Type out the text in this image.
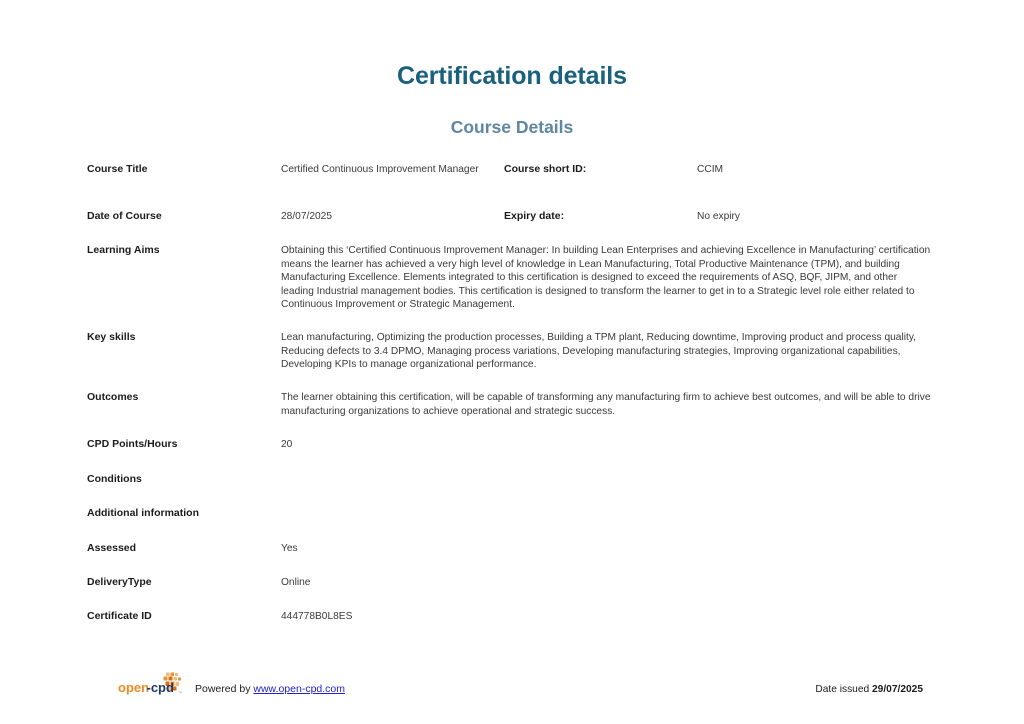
Certification details
Course Details
Course Title	Certified Continuous Improvement Manager	Course short ID:	CCIM
Date of Course	28/07/2025	Expiry date:	No expiry
Learning Aims	Obtaining this ‘Certified Continuous Improvement Manager: In building Lean Enterprises and achieving Excellence in Manufacturing’ certification means the learner has achieved a very high level of knowledge in Lean Manufacturing, Total Productive Maintenance (TPM), and building Manufacturing Excellence. Elements integrated to this certification is designed to exceed the requirements of ASQ, BQF, JIPM, and other leading Industrial management bodies. This certification is designed to transform the learner to get in to a Strategic level role either related to Continuous Improvement or Strategic Management.
Key skills	Lean manufacturing, Optimizing the production processes, Building a TPM plant, Reducing downtime, Improving product and process quality, Reducing defects to 3.4 DPMO, Managing process variations, Developing manufacturing strategies, Improving organizational capabilities, Developing KPIs to manage organizational performance.
Outcomes	The learner obtaining this certification, will be capable of transforming any manufacturing firm to achieve best outcomes, and will be able to drive manufacturing organizations to achieve operational and strategic success.
CPD Points/Hours	20
Conditions
Additional information
Assessed	Yes
DeliveryType	Online
Certificate ID	444778B0L8ES
open
-cpd ™ Powered by www.open-cpd.com	Date issued 29/07/2025
